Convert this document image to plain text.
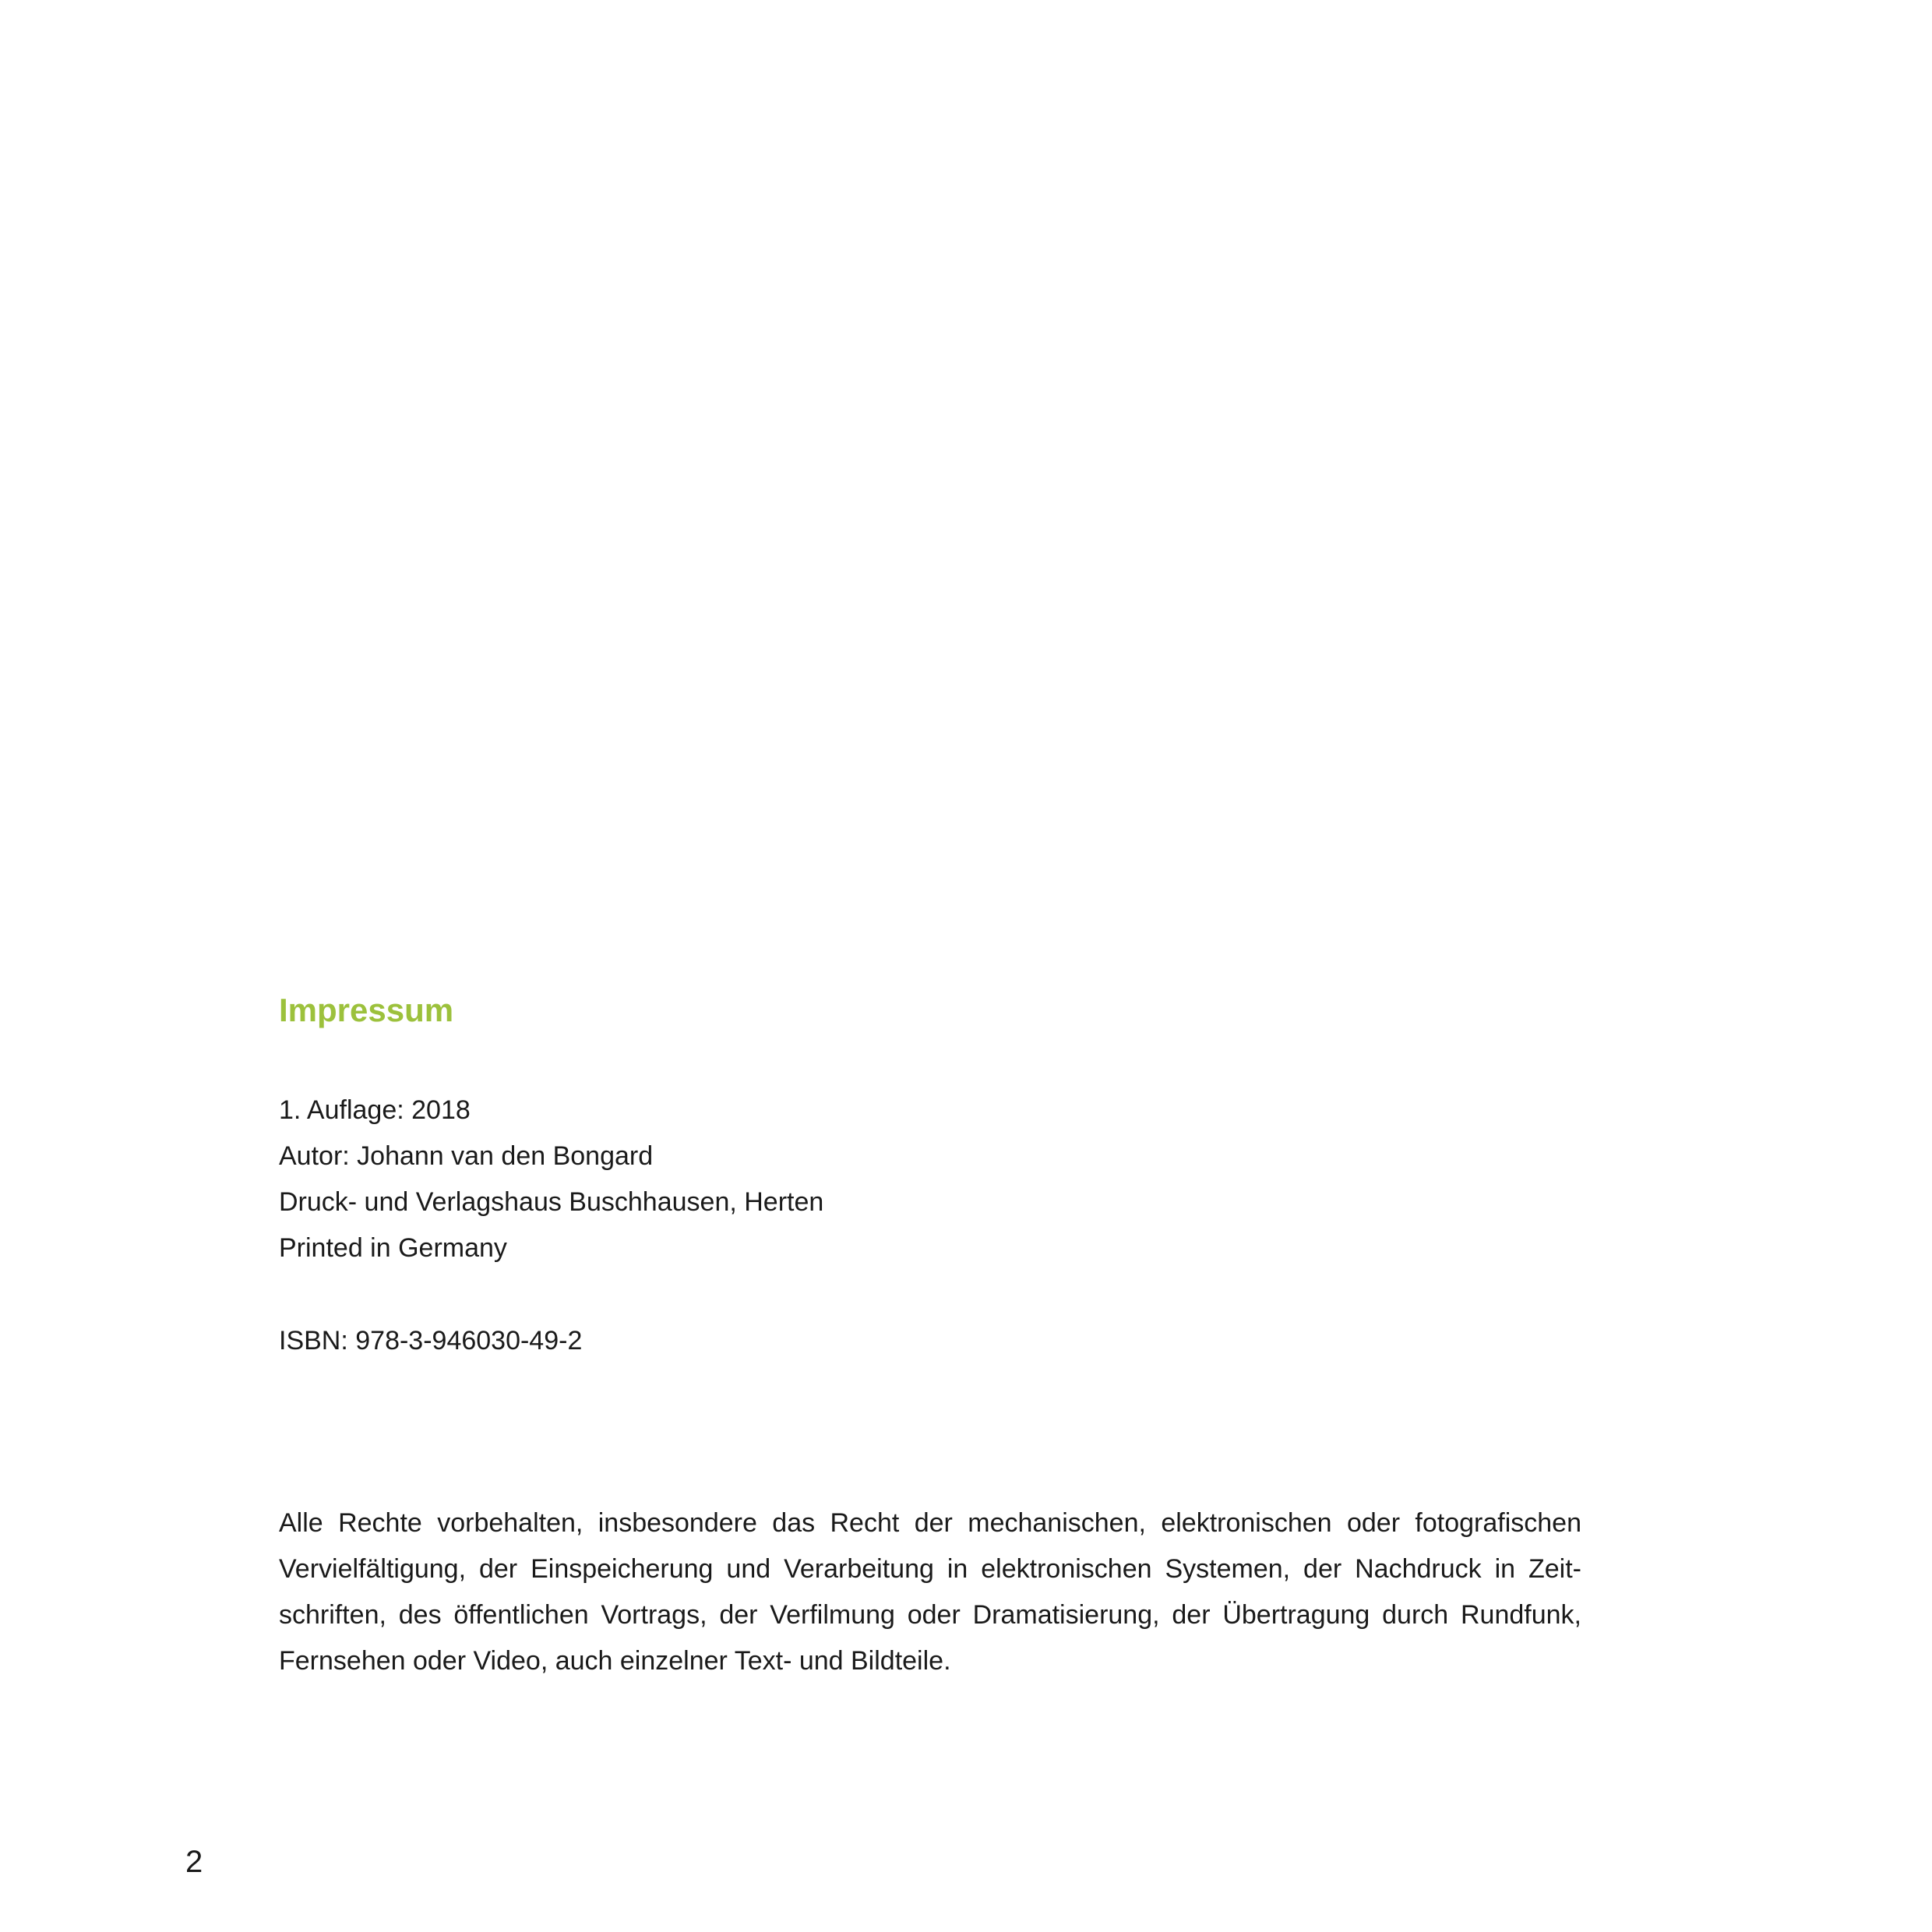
Impressum
1. Auflage: 2018
Autor: Johann van den Bongard
Druck- und Verlagshaus Buschhausen, Herten
Printed in Germany
ISBN: 978-3-946030-49-2
Alle Rechte vorbehalten, insbesondere das Recht der mechanischen, elektronischen oder fotografischen
Vervielfältigung, der Einspeicherung und Verarbeitung in elektronischen Systemen, der Nachdruck in Zeit-
schriften, des öffentlichen Vortrags, der Verfilmung oder Dramatisierung, der Übertragung durch Rundfunk,
Fernsehen oder Video, auch einzelner Text- und Bildteile.
2
